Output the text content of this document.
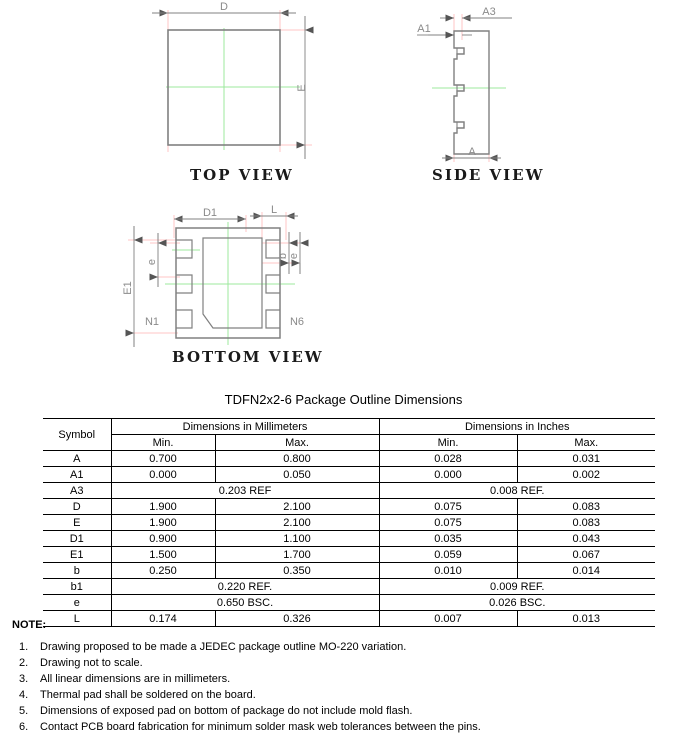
D
E
A3
A1
A
D1	L
E1
e
b e
N1	N6
TOP VIEW	SIDE VIEW
BOTTOM VIEW
TDFN2x2-6 Package Outline Dimensions
Symbol	Dimensions in Millimeters		Dimensions in Inches	
	Min.	Max.	Min.	Max.
A	0.700	0.800	0.028	0.031
A1	0.000	0.050	0.000	0.002
A3	0.203 REF		0.008 REF.	
D	1.900	2.100	0.075	0.083
E	1.900	2.100	0.075	0.083
D1	0.900	1.100	0.035	0.043
E1	1.500	1.700	0.059	0.067
b	0.250	0.350	0.010	0.014
b1	0.220 REF.		0.009 REF.	
e	0.650 BSC.		0.026 BSC.	
L	0.174	0.326	0.007	0.013
NOTE:
1. Drawing proposed to be made a JEDEC package outline MO-220 variation.
2. Drawing not to scale.
3. All linear dimensions are in millimeters.
4. Thermal pad shall be soldered on the board.
5. Dimensions of exposed pad on bottom of package do not include mold flash.
6. Contact PCB board fabrication for minimum solder mask web tolerances between the pins.
